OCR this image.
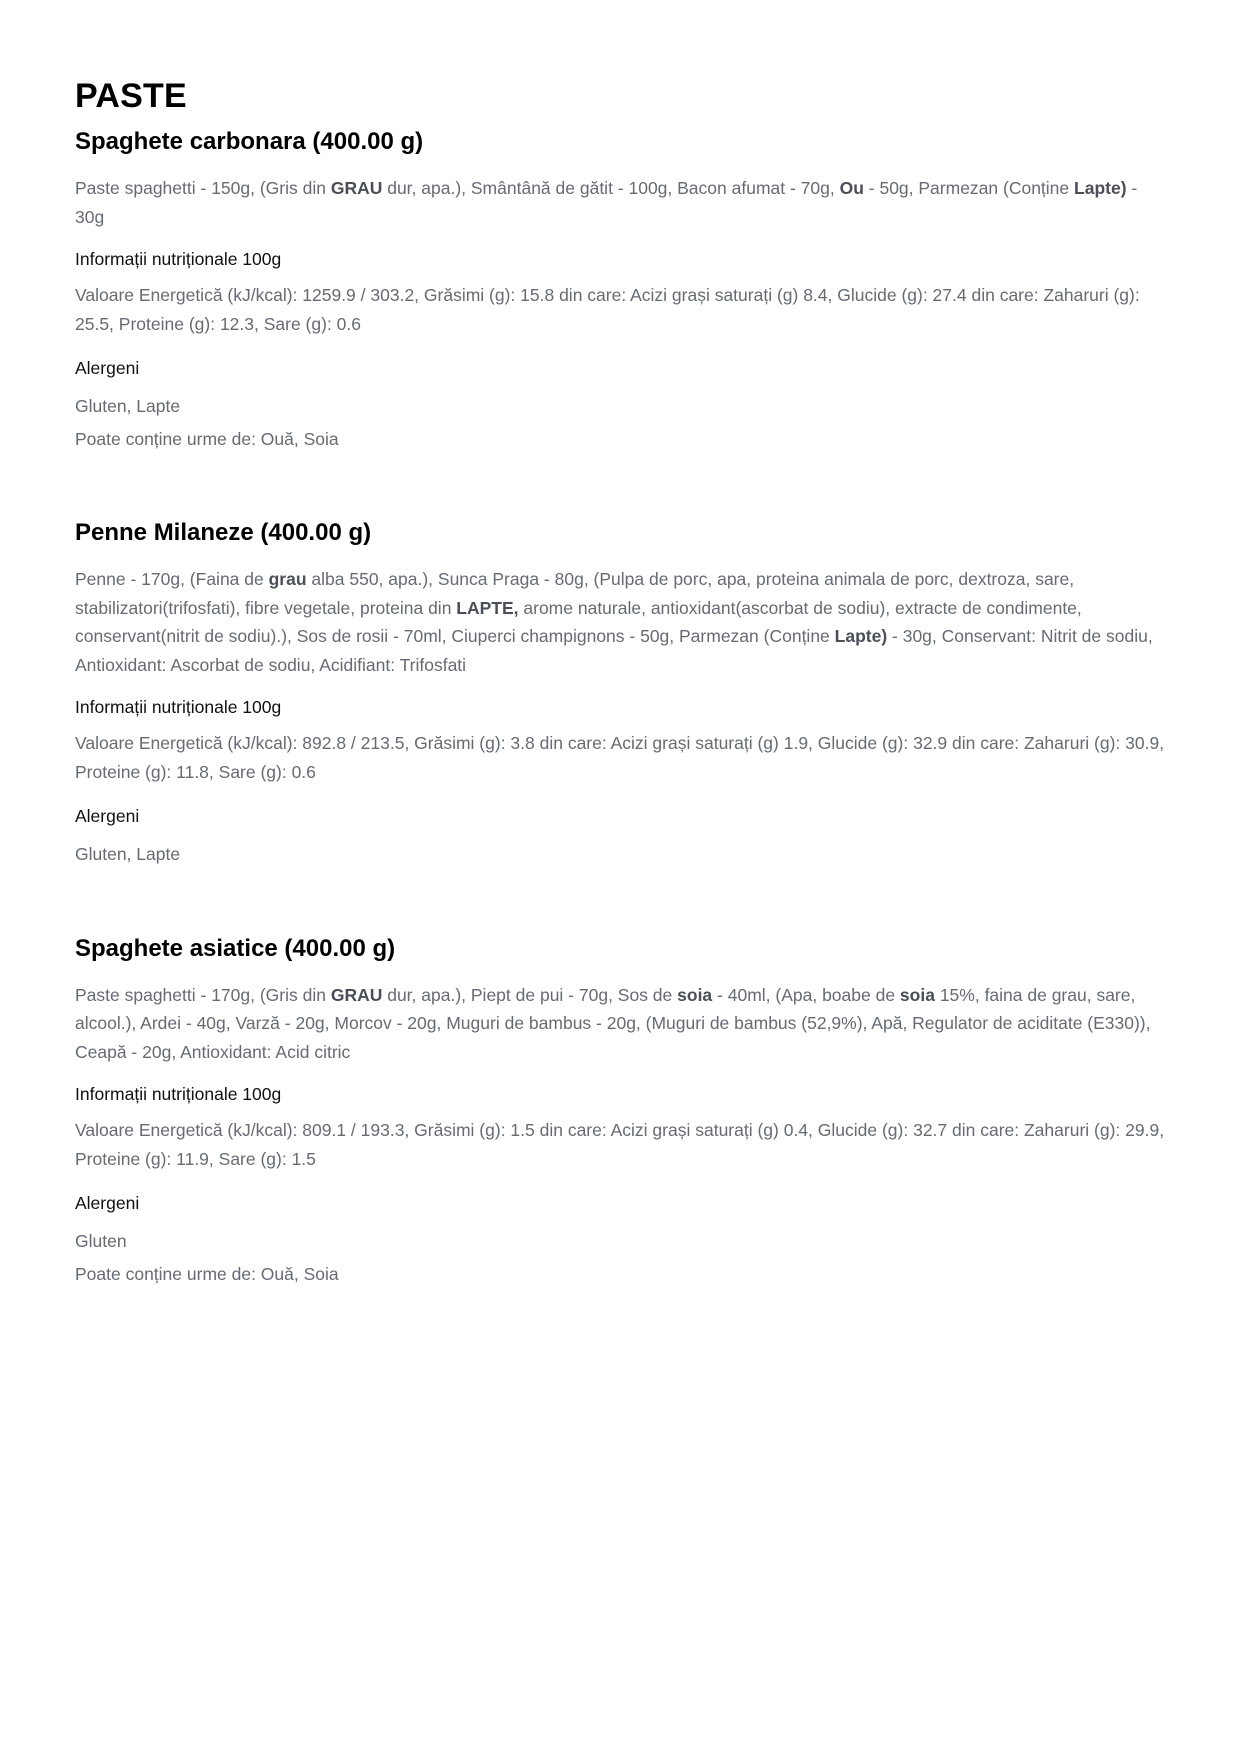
PASTE
Spaghete carbonara (400.00 g)

Paste spaghetti - 150g, (Gris din GRAU dur, apa.), Smântână de gătit - 100g, Bacon afumat - 70g, Ou - 50g, Parmezan (Conține Lapte) - 30g

Informații nutriționale 100g

Valoare Energetică (kJ/kcal): 1259.9 / 303.2, Grăsimi (g): 15.8 din care: Acizi grași saturați (g) 8.4, Glucide (g): 27.4 din care: Zaharuri (g): 25.5, Proteine (g): 12.3, Sare (g): 0.6

Alergeni

Gluten, Lapte

Poate conține urme de: Ouă, Soia

Penne Milaneze (400.00 g)

Penne - 170g, (Faina de grau alba 550, apa.), Sunca Praga - 80g, (Pulpa de porc, apa, proteina animala de porc, dextroza, sare, stabilizatori(trifosfati), fibre vegetale, proteina din LAPTE, arome naturale, antioxidant(ascorbat de sodiu), extracte de condimente, conservant(nitrit de sodiu).), Sos de rosii - 70ml, Ciuperci champignons - 50g, Parmezan (Conține Lapte) - 30g, Conservant: Nitrit de sodiu, Antioxidant: Ascorbat de sodiu, Acidifiant: Trifosfati

Informații nutriționale 100g

Valoare Energetică (kJ/kcal): 892.8 / 213.5, Grăsimi (g): 3.8 din care: Acizi grași saturați (g) 1.9, Glucide (g): 32.9 din care: Zaharuri (g): 30.9, Proteine (g): 11.8, Sare (g): 0.6

Alergeni

Gluten, Lapte

Spaghete asiatice (400.00 g)

Paste spaghetti - 170g, (Gris din GRAU dur, apa.), Piept de pui - 70g, Sos de soia - 40ml, (Apa, boabe de soia 15%, faina de grau, sare, alcool.), Ardei - 40g, Varză - 20g, Morcov - 20g, Muguri de bambus - 20g, (Muguri de bambus (52,9%), Apă, Regulator de aciditate (E330)), Ceapă - 20g, Antioxidant: Acid citric

Informații nutriționale 100g

Valoare Energetică (kJ/kcal): 809.1 / 193.3, Grăsimi (g): 1.5 din care: Acizi grași saturați (g) 0.4, Glucide (g): 32.7 din care: Zaharuri (g): 29.9, Proteine (g): 11.9, Sare (g): 1.5

Alergeni

Gluten

Poate conține urme de: Ouă, Soia
